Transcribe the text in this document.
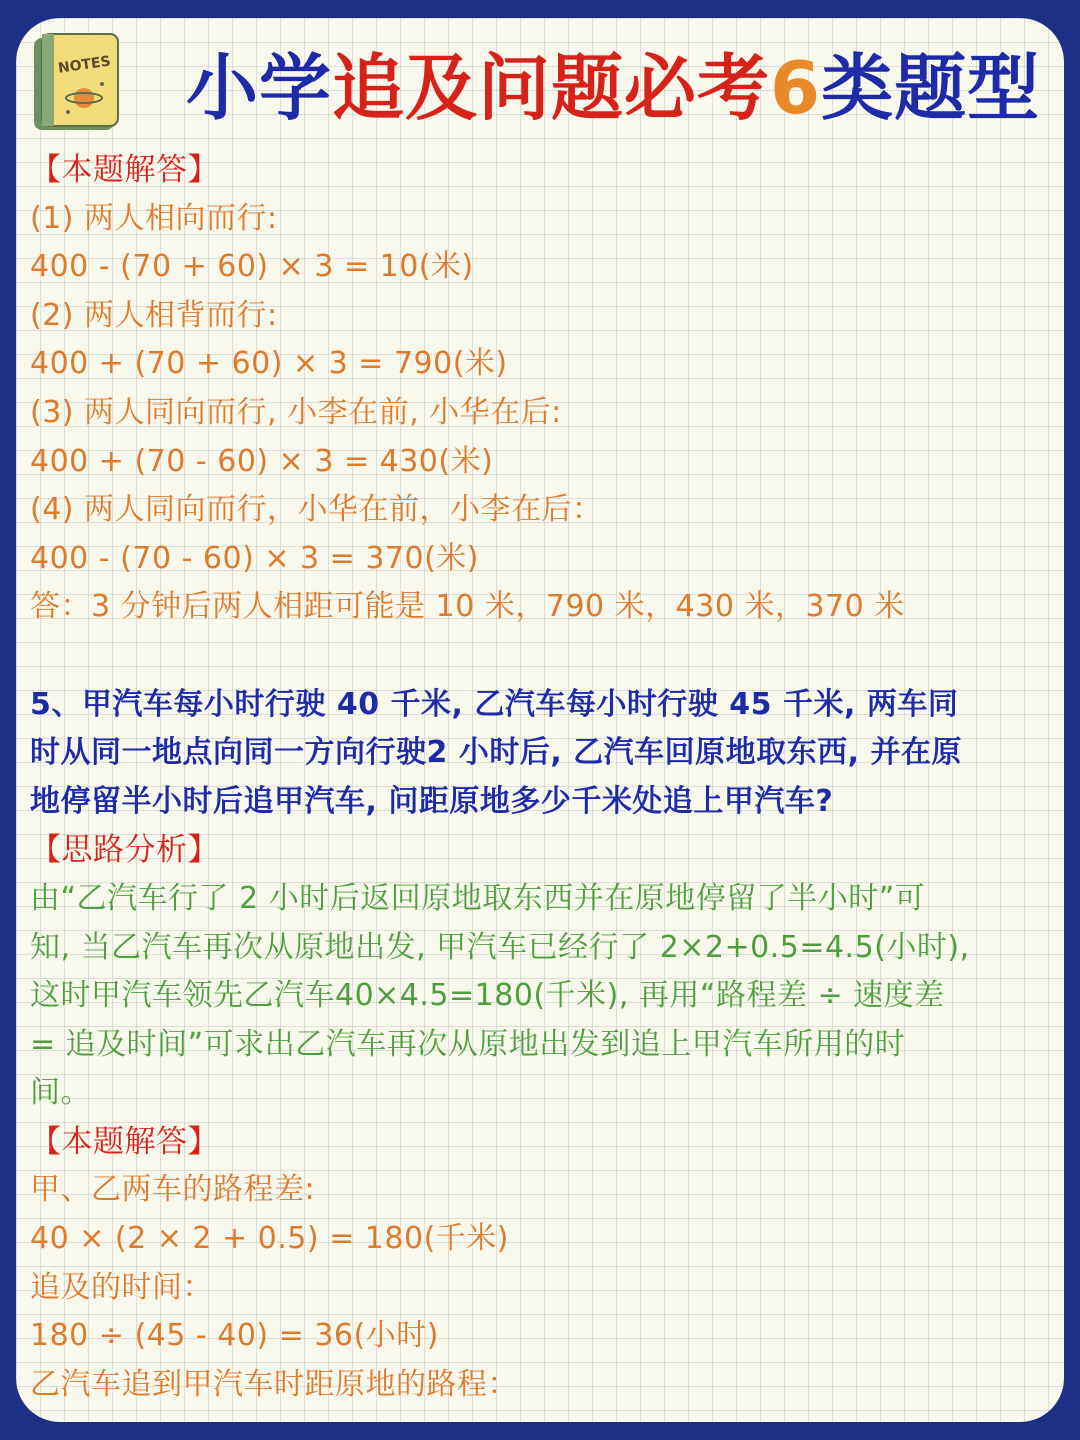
NOTES 小学追及问题必考6类题型
【本题解答】
(1) 两人相向而行:
400 - (70 + 60) × 3 = 10(米)
(2) 两人相背而行:
400 + (70 + 60) × 3 = 790(米)
(3) 两人同向而行, 小李在前, 小华在后:
400 + (70 - 60) × 3 = 430(米)
(4) 两人同向而行，小华在前，小李在后：
400 - (70 - 60) × 3 = 370(米)
答：3 分钟后两人相距可能是 10 米，790 米，430 米，370 米
5、甲汽车每小时行驶 40 千米, 乙汽车每小时行驶 45 千米, 两车同
时从同一地点向同一方向行驶2 小时后, 乙汽车回原地取东西, 并在原
地停留半小时后追甲汽车, 问距原地多少千米处追上甲汽车?
【思路分析】
由“乙汽车行了 2 小时后返回原地取东西并在原地停留了半小时”可
知, 当乙汽车再次从原地出发, 甲汽车已经行了 2×2+0.5=4.5(小时),
这时甲汽车领先乙汽车40×4.5=180(千米), 再用“路程差 ÷ 速度差
= 追及时间”可求出乙汽车再次从原地出发到追上甲汽车所用的时
间。
【本题解答】
甲、乙两车的路程差:
40 × (2 × 2 + 0.5) = 180(千米)
追及的时间：
180 ÷ (45 - 40) = 36(小时)
乙汽车追到甲汽车时距原地的路程：
